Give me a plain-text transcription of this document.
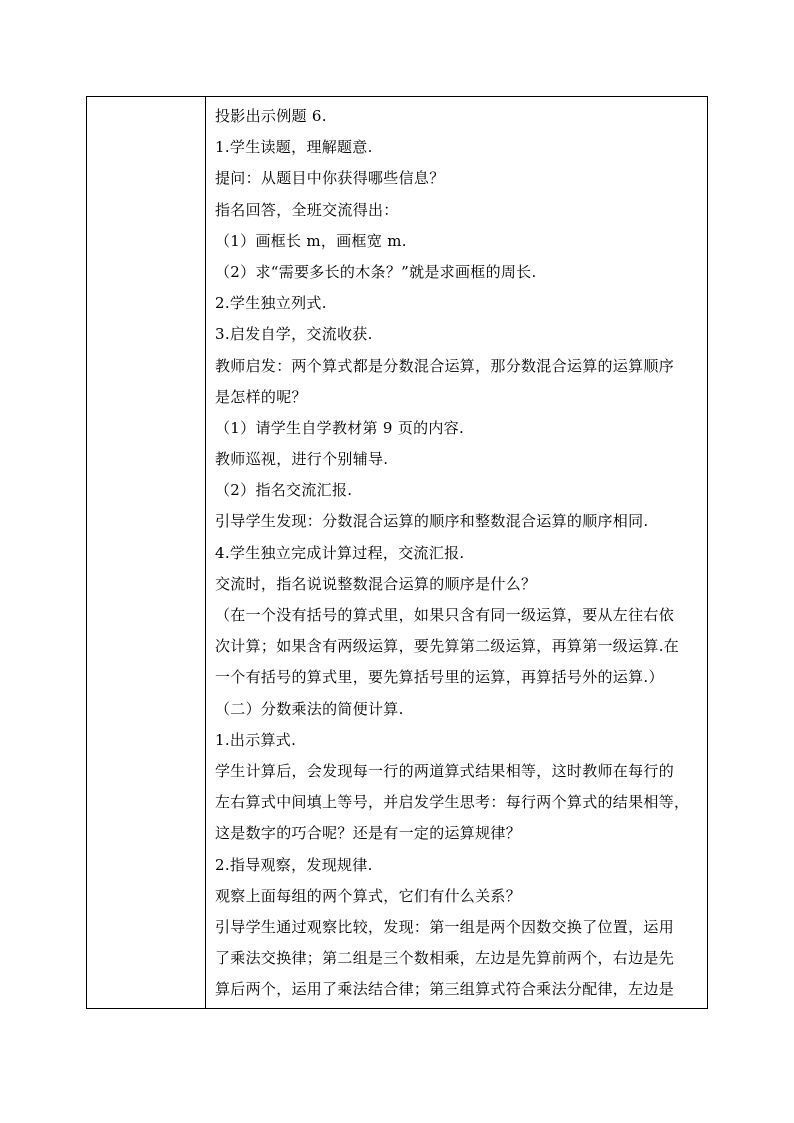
投影出示例题 6.
1.学生读题，理解题意.
提问：从题目中你获得哪些信息？
指名回答，全班交流得出：
（1）画框长 m，画框宽 m.
（2）求“需要多长的木条？”就是求画框的周长.
2.学生独立列式.
3.启发自学，交流收获.
教师启发：两个算式都是分数混合运算，那分数混合运算的运算顺序
是怎样的呢？
（1）请学生自学教材第 9 页的内容.
教师巡视，进行个别辅导.
（2）指名交流汇报.
引导学生发现：分数混合运算的顺序和整数混合运算的顺序相同.
4.学生独立完成计算过程，交流汇报.
交流时，指名说说整数混合运算的顺序是什么？
（在一个没有括号的算式里，如果只含有同一级运算，要从左往右依
次计算；如果含有两级运算，要先算第二级运算，再算第一级运算.在
一个有括号的算式里，要先算括号里的运算，再算括号外的运算.）
（二）分数乘法的简便计算.
1.出示算式.
学生计算后，会发现每一行的两道算式结果相等，这时教师在每行的
左右算式中间填上等号，并启发学生思考：每行两个算式的结果相等，
这是数字的巧合呢？还是有一定的运算规律？
2.指导观察，发现规律.
观察上面每组的两个算式，它们有什么关系？
引导学生通过观察比较，发现：第一组是两个因数交换了位置，运用
了乘法交换律；第二组是三个数相乘，左边是先算前两个，右边是先
算后两个，运用了乘法结合律；第三组算式符合乘法分配律，左边是
